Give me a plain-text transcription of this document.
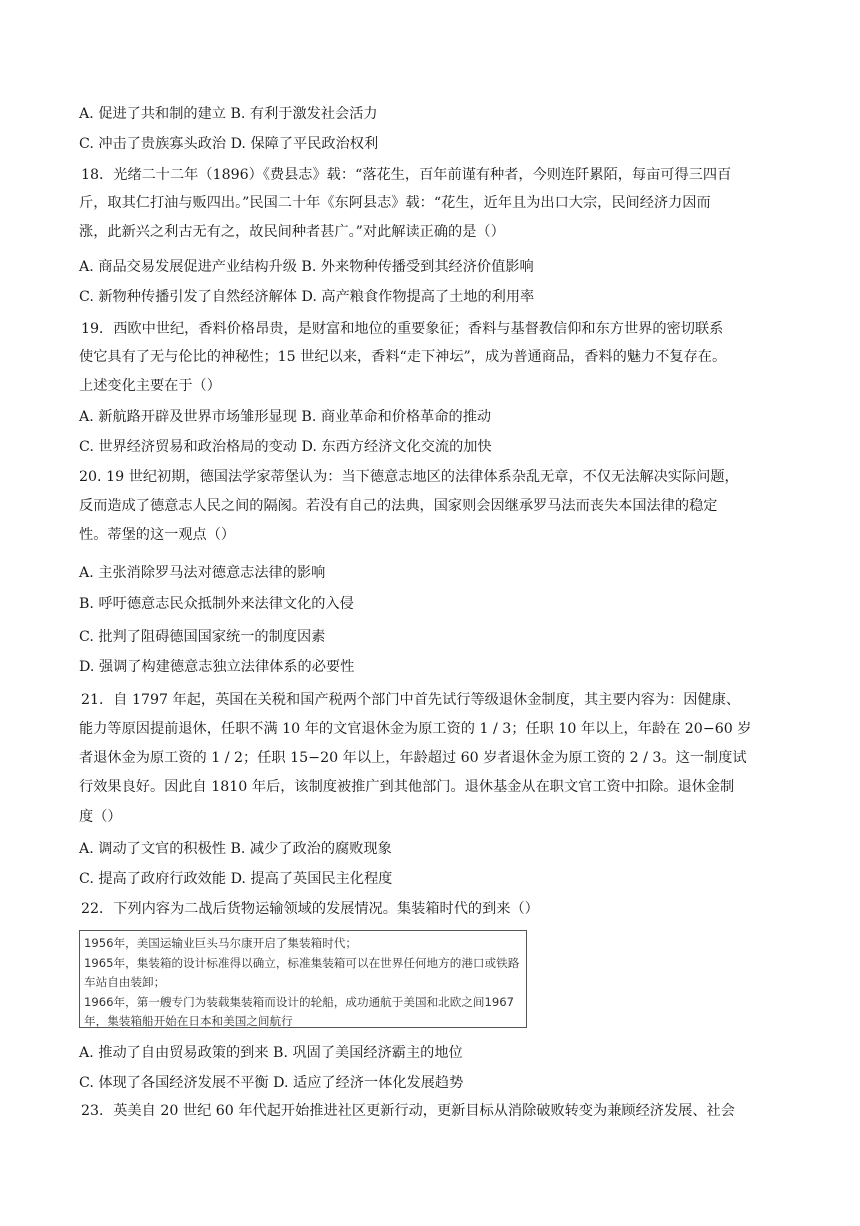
A. 促进了共和制的建立 B. 有利于激发社会活力
C. 冲击了贵族寡头政治 D. 保障了平民政治权利
18．光绪二十二年（1896）《费县志》载：“落花生，百年前谨有种者，今则连阡累陌，每亩可得三四百
斤，取其仁打油与贩四出。”民国二十年《东阿县志》载：“花生，近年且为出口大宗，民间经济力因而
涨，此新兴之利古无有之，故民间种者甚广。”对此解读正确的是（）
A. 商品交易发展促进产业结构升级 B. 外来物种传播受到其经济价值影响
C. 新物种传播引发了自然经济解体 D. 高产粮食作物提高了土地的利用率
19．西欧中世纪，香料价格昂贵，是财富和地位的重要象征；香料与基督教信仰和东方世界的密切联系
使它具有了无与伦比的神秘性；15 世纪以来，香料“走下神坛”，成为普通商品，香料的魅力不复存在。
上述变化主要在于（）
A. 新航路开辟及世界市场雏形显现 B. 商业革命和价格革命的推动
C. 世界经济贸易和政治格局的变动 D. 东西方经济文化交流的加快
20. 19 世纪初期，德国法学家蒂堡认为：当下德意志地区的法律体系杂乱无章，不仅无法解决实际问题，
反而造成了德意志人民之间的隔阂。若没有自己的法典，国家则会因继承罗马法而丧失本国法律的稳定
性。蒂堡的这一观点（）
A. 主张消除罗马法对德意志法律的影响
B. 呼吁德意志民众抵制外来法律文化的入侵
C. 批判了阻碍德国国家统一的制度因素
D. 强调了构建德意志独立法律体系的必要性
21．自 1797 年起，英国在关税和国产税两个部门中首先试行等级退休金制度，其主要内容为：因健康、
能力等原因提前退休，任职不满 10 年的文官退休金为原工资的 1 / 3；任职 10 年以上，年龄在 20−60 岁
者退休金为原工资的 1 / 2；任职 15−20 年以上，年龄超过 60 岁者退休金为原工资的 2 / 3。这一制度试
行效果良好。因此自 1810 年后，该制度被推广到其他部门。退休基金从在职文官工资中扣除。退休金制
度（）
A. 调动了文官的积极性 B. 减少了政治的腐败现象
C. 提高了政府行政效能 D. 提高了英国民主化程度
22．下列内容为二战后货物运输领域的发展情况。集装箱时代的到来（）
1956年，美国运输业巨头马尔康开启了集装箱时代；
1965年，集装箱的设计标准得以确立，标准集装箱可以在世界任何地方的港口或铁路
车站自由装卸；
1966年，第一艘专门为装载集装箱而设计的轮船，成功通航于美国和北欧之间1967
年，集装箱船开始在日本和美国之间航行
A. 推动了自由贸易政策的到来 B. 巩固了美国经济霸主的地位
C. 体现了各国经济发展不平衡 D. 适应了经济一体化发展趋势
23．英美自 20 世纪 60 年代起开始推进社区更新行动，更新目标从消除破败转变为兼顾经济发展、社会
